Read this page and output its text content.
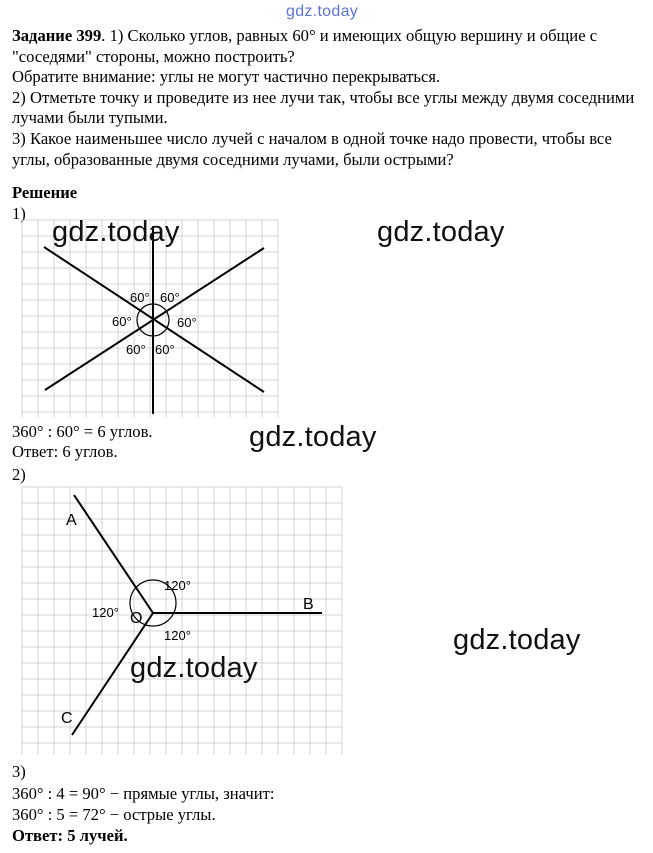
gdz.today

Задание 399. 1) Сколько углов, равных 60° и имеющих общую вершину и общие с "соседями" стороны, можно построить?

Обратите внимание: углы не могут частично перекрываться.

2) Отметьте точку и проведите из нее лучи так, чтобы все углы между двумя соседними лучами были тупыми.

3) Какое наименьшее число лучей с началом в одной точке надо провести, чтобы все углы, образованные двумя соседними лучами, были острыми?

Решение
1)
60° 60°
60°	60°
60° 60°
gdz.today	gdz.today
360° : 60° = 6 углов.	gdz.today
Ответ: 6 углов.
2)
120°
120°
120°
O
A
B
C
gdz.today
gdz.today
3)
360° : 4 = 90° − прямые углы, значит:
360° : 5 = 72° − острые углы.
Ответ: 5 лучей.
